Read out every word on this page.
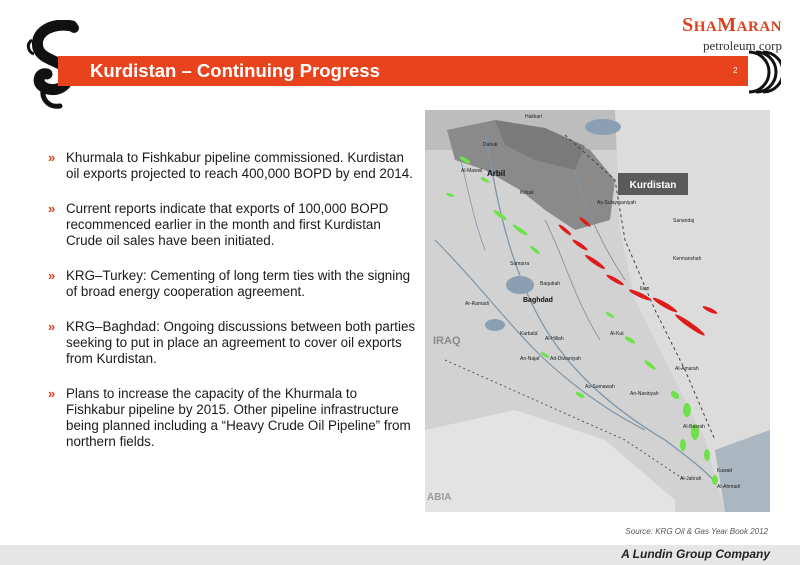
SHAMARAN
petroleum corp
Kurdistan – Continuing Progress	2
» Khurmala to Fishkabur pipeline commissioned. Kurdistan oil exports projected to reach 400,000 BOPD by end 2014.
» Current reports indicate that exports of 100,000 BOPD recommenced earlier in the month and first Kurdistan Crude oil sales have been initiated.
» KRG–Turkey: Cementing of long term ties with the signing of broad energy cooperation agreement.
» KRG–Baghdad: Ongoing discussions between both parties seeking to put in place an agreement to cover oil exports from Kurdistan.
» Plans to increase the capacity of the Khurmala to Fishkabur pipeline by 2015. Other pipeline infrastructure being planned including a “Heavy Crude Oil Pipeline” from northern fields.
Hakkari
Dahuk
Al-Mawsil
Kirkuk
As-Sulaymaniyah
Sanandaj
Kermanshah
Samarra
Baqubah
Ar-Ramadi
Ilam
Karbala'
Al-Hillah
Al-Kut
An-Najaf Ad-Diwaniyah
Al-Amarah
As-Samawah
An-Nasiriyah
Al-Basrah
Al-Jahrah
Kuwait
Al-Ahmadi
Arbil
Baghdad
IRAQ
ABIA
Kurdistan
Source: KRG Oil & Gas Year Book 2012
A Lundin Group Company
